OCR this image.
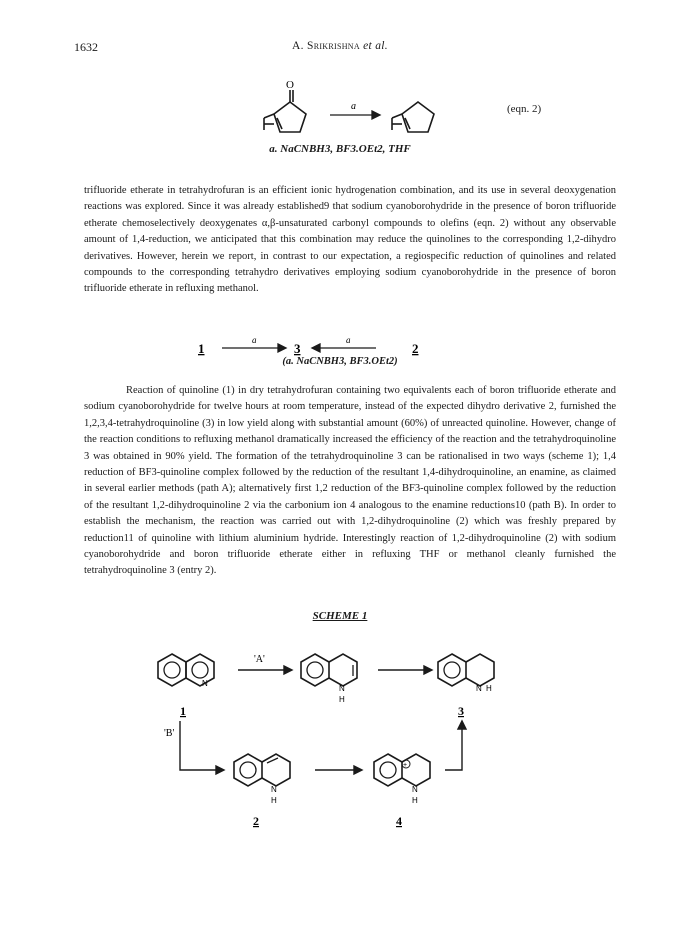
1632	A. Srikrishna et al.
O
a	(eqn. 2)
a. NaCNBH3, BF3.OEt2, THF

trifluoride etherate in tetrahydrofuran is an efficient ionic hydrogenation combination, and its use in several deoxygenation reactions was explored. Since it was already established9 that sodium cyanoborohydride in the presence of boron trifluoride etherate chemoselectively deoxygenates α,β-unsaturated carbonyl compounds to olefins (eqn. 2) without any observable amount of 1,4-reduction, we anticipated that this combination may reduce the quinolines to the corresponding 1,2-dihydro derivatives. However, herein we report, in contrast to our expectation, a regiospecific reduction of quinolines and related compounds to the corresponding tetrahydro derivatives employing sodium cyanoborohydride in the presence of boron trifluoride etherate in refluxing methanol.

1
a
3
a
2
(a. NaCNBH3, BF3.OEt2)

Reaction of quinoline (1) in dry tetrahydrofuran containing two equivalents each of boron trifluoride etherate and sodium cyanoborohydride for twelve hours at room temperature, instead of the expected dihydro derivative 2, furnished the 1,2,3,4-tetrahydroquinoline (3) in low yield along with substantial amount (60%) of unreacted quinoline. However, change of the reaction conditions to refluxing methanol dramatically increased the efficiency of the reaction and the tetrahydroquinoline 3 was obtained in 90% yield. The formation of the tetrahydroquinoline 3 can be rationalised in two ways (scheme 1); 1,4 reduction of BF3-quinoline complex followed by the reduction of the resultant 1,4-dihydroquinoline, an enamine, as claimed in several earlier methods (path A); alternatively first 1,2 reduction of the BF3-quinoline complex followed by the reduction of the resultant 1,2-dihydroquinoline 2 via the carbonium ion 4 analogous to the enamine reductions10 (path B). In order to establish the mechanism, the reaction was carried out with 1,2-dihydroquinoline (2) which was freshly prepared by reduction11 of quinoline with lithium aluminium hydride. Interestingly reaction of 1,2-dihydroquinoline (2) with sodium cyanoborohydride and boron trifluoride etherate either in refluxing THF or methanol cleanly furnished the tetrahydroquinoline 3 (entry 2).

SCHEME 1
N
1
'A'
N
H
N H
3
'B'
N
H
2
+
N
H
4
